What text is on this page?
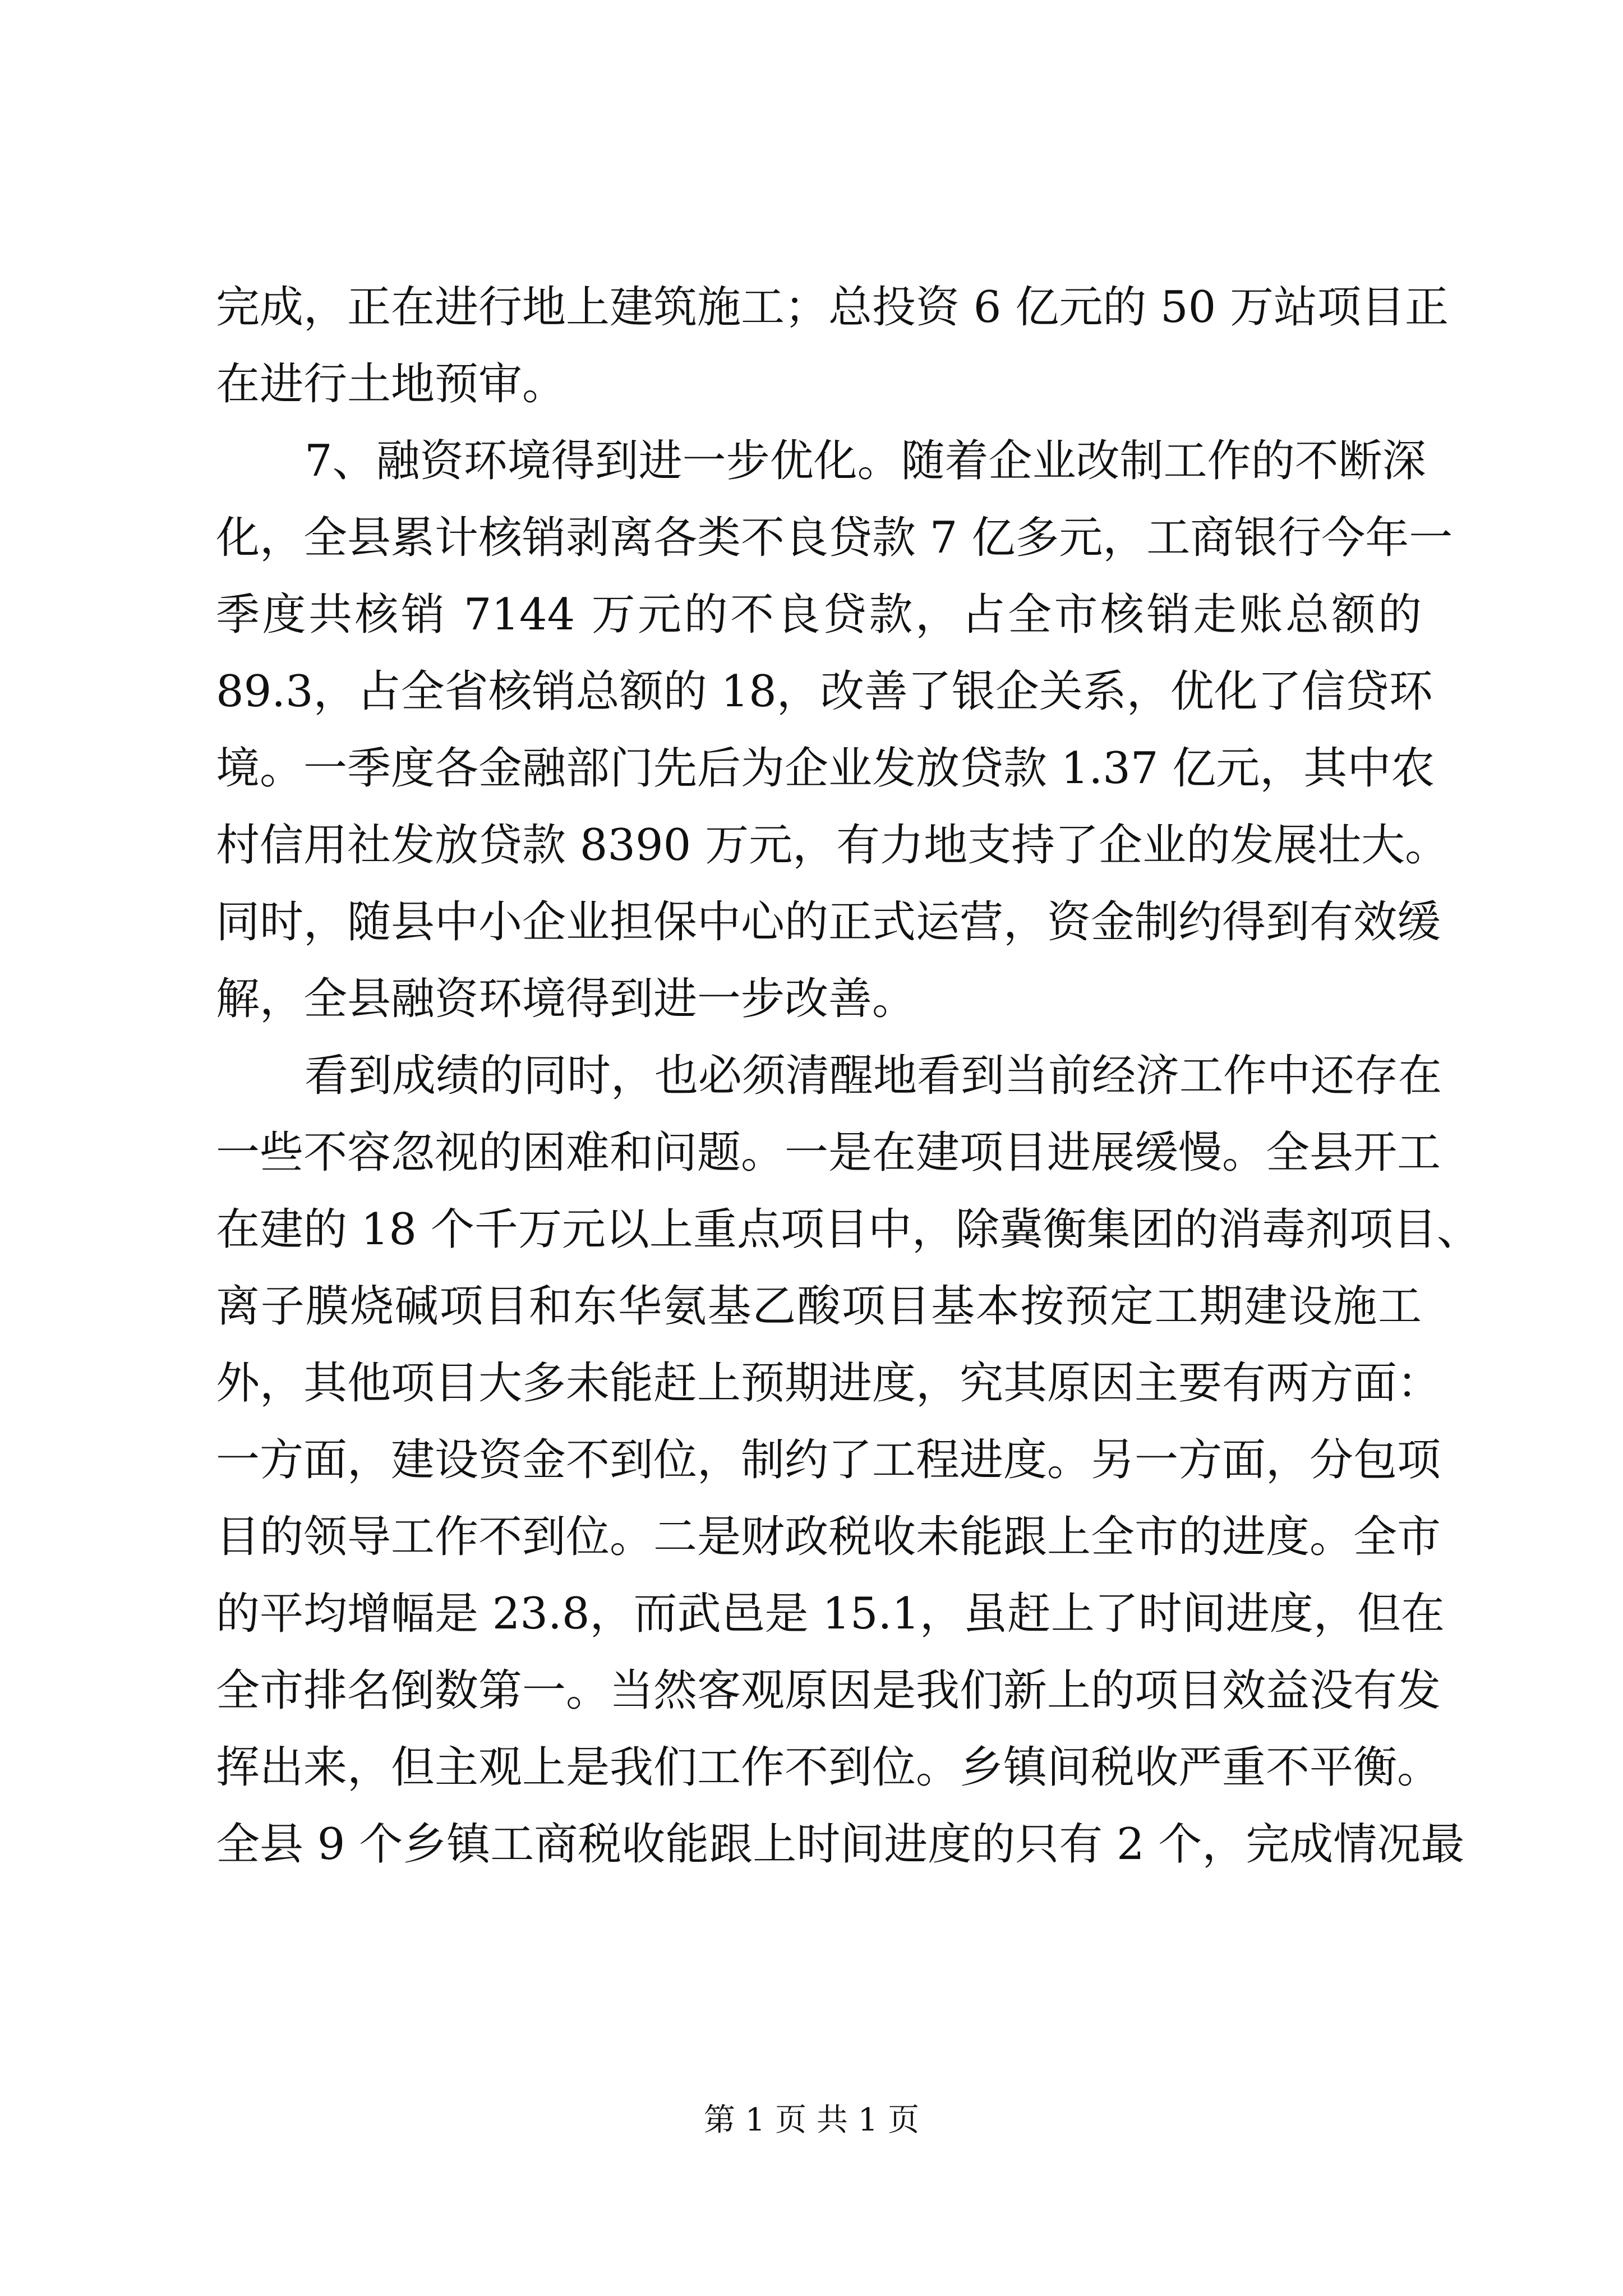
完成，正在进行地上建筑施工；总投资 6 亿元的 50 万站项目正
在进行土地预审。
7、融资环境得到进一步优化。随着企业改制工作的不断深
化，全县累计核销剥离各类不良贷款 7 亿多元，工商银行今年一
季度共核销 7144 万元的不良贷款，占全市核销走账总额的
89.3，占全省核销总额的 18，改善了银企关系，优化了信贷环
境。一季度各金融部门先后为企业发放贷款 1.37 亿元，其中农
村信用社发放贷款 8390 万元，有力地支持了企业的发展壮大。
同时，随县中小企业担保中心的正式运营，资金制约得到有效缓
解，全县融资环境得到进一步改善。
看到成绩的同时，也必须清醒地看到当前经济工作中还存在
一些不容忽视的困难和问题。一是在建项目进展缓慢。全县开工
在建的 18 个千万元以上重点项目中，除冀衡集团的消毒剂项目、
离子膜烧碱项目和东华氨基乙酸项目基本按预定工期建设施工
外，其他项目大多未能赶上预期进度，究其原因主要有两方面：
一方面，建设资金不到位，制约了工程进度。另一方面，分包项
目的领导工作不到位。二是财政税收未能跟上全市的进度。全市
的平均增幅是 23.8，而武邑是 15.1，虽赶上了时间进度，但在
全市排名倒数第一。当然客观原因是我们新上的项目效益没有发
挥出来，但主观上是我们工作不到位。乡镇间税收严重不平衡。
全县 9 个乡镇工商税收能跟上时间进度的只有 2 个，完成情况最
第 1 页 共 1 页
